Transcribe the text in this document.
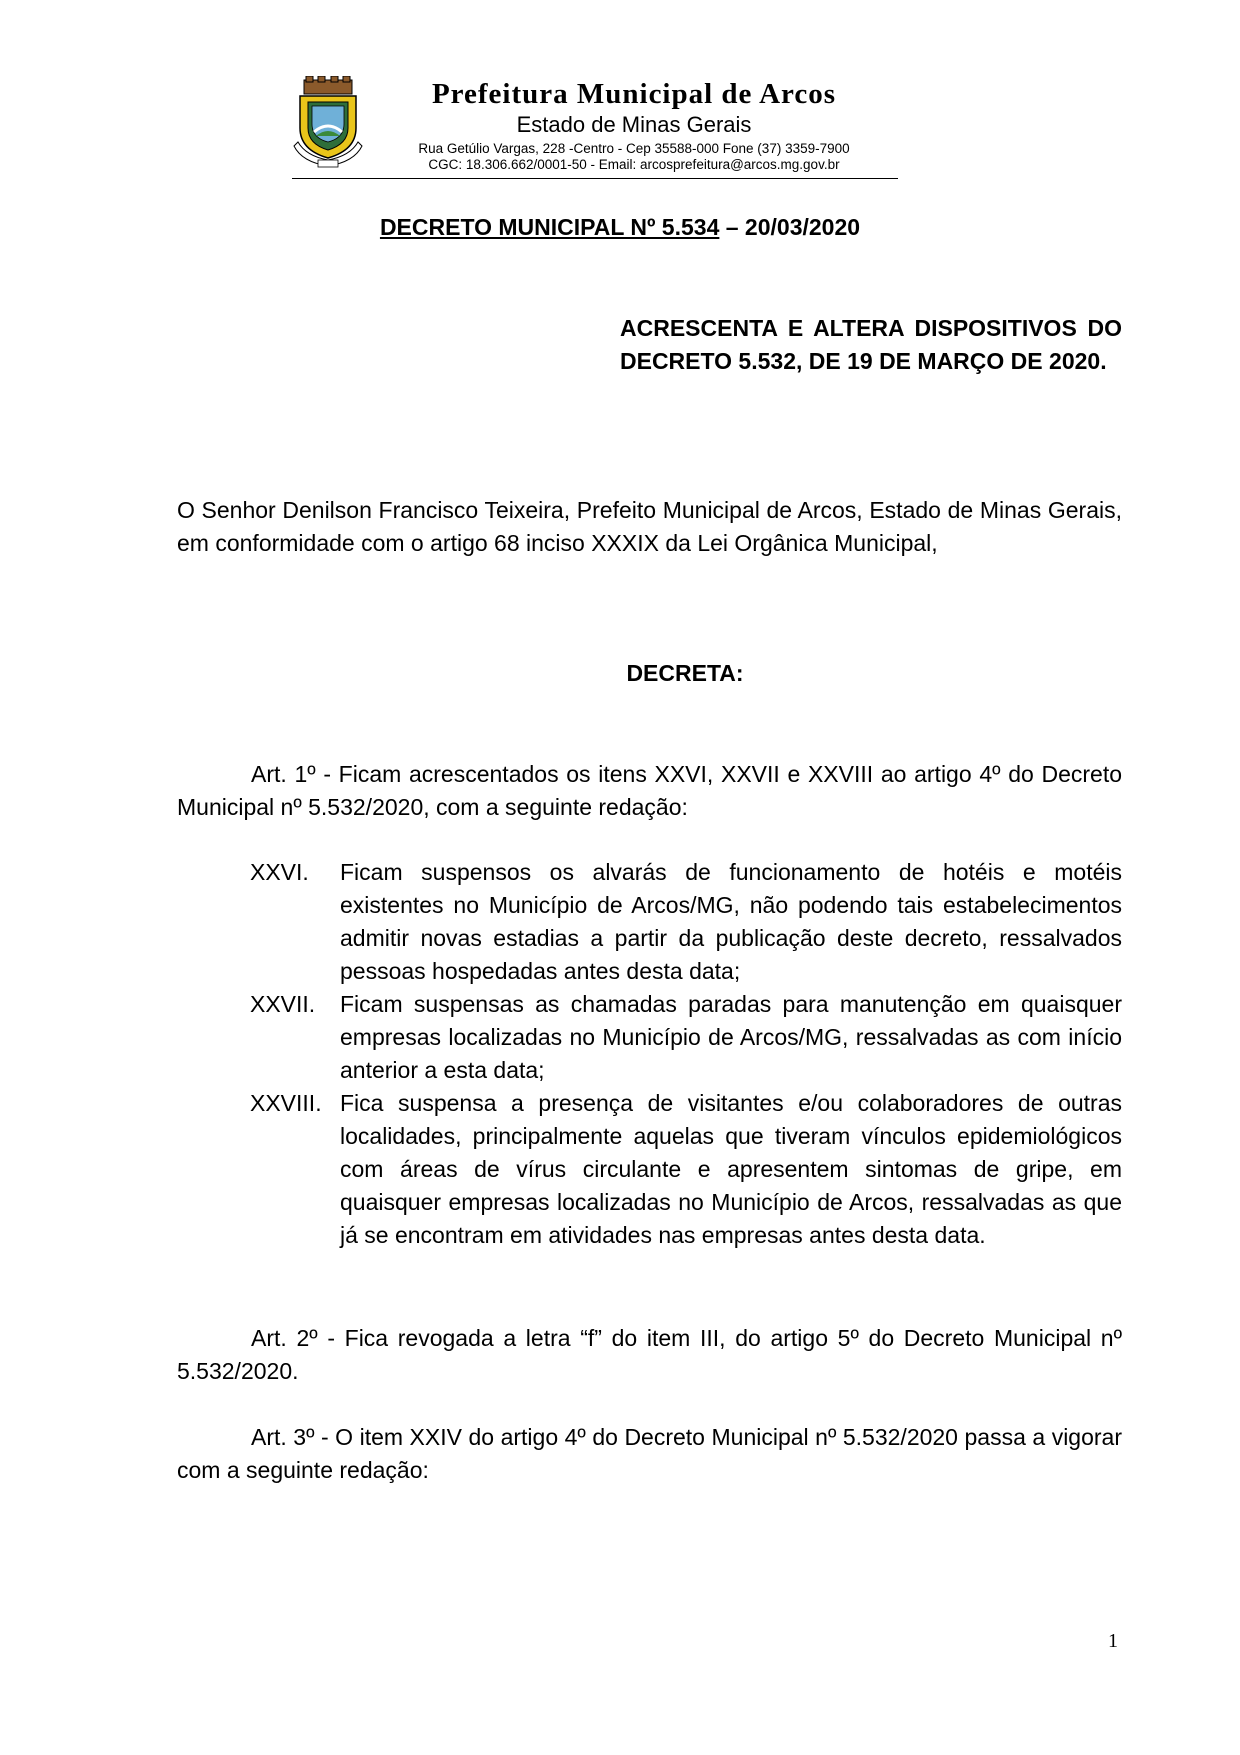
Prefeitura Municipal de Arcos
Estado de Minas Gerais
Rua Getúlio Vargas, 228 -Centro - Cep 35588-000 Fone (37) 3359-7900
CGC: 18.306.662/0001-50 - Email: arcosprefeitura@arcos.mg.gov.br
DECRETO MUNICIPAL Nº 5.534 – 20/03/2020
ACRESCENTA E ALTERA DISPOSITIVOS DO DECRETO 5.532, DE 19 DE MARÇO DE 2020.
O Senhor Denilson Francisco Teixeira, Prefeito Municipal de Arcos, Estado de Minas Gerais, em conformidade com o artigo 68 inciso XXXIX da Lei Orgânica Municipal,
DECRETA:
Art. 1º - Ficam acrescentados os itens XXVI, XXVII e XXVIII ao artigo 4º do Decreto Municipal nº 5.532/2020, com a seguinte redação:
XXVI. Ficam suspensos os alvarás de funcionamento de hotéis e motéis existentes no Município de Arcos/MG, não podendo tais estabelecimentos admitir novas estadias a partir da publicação deste decreto, ressalvados pessoas hospedadas antes desta data;
XXVII. Ficam suspensas as chamadas paradas para manutenção em quaisquer empresas localizadas no Município de Arcos/MG, ressalvadas as com início anterior a esta data;
XXVIII. Fica suspensa a presença de visitantes e/ou colaboradores de outras localidades, principalmente aquelas que tiveram vínculos epidemiológicos com áreas de vírus circulante e apresentem sintomas de gripe, em quaisquer empresas localizadas no Município de Arcos, ressalvadas as que já se encontram em atividades nas empresas antes desta data.
Art. 2º - Fica revogada a letra “f” do item III, do artigo 5º do Decreto Municipal nº 5.532/2020.
Art. 3º - O item XXIV do artigo 4º do Decreto Municipal nº 5.532/2020 passa a vigorar com a seguinte redação:
1
